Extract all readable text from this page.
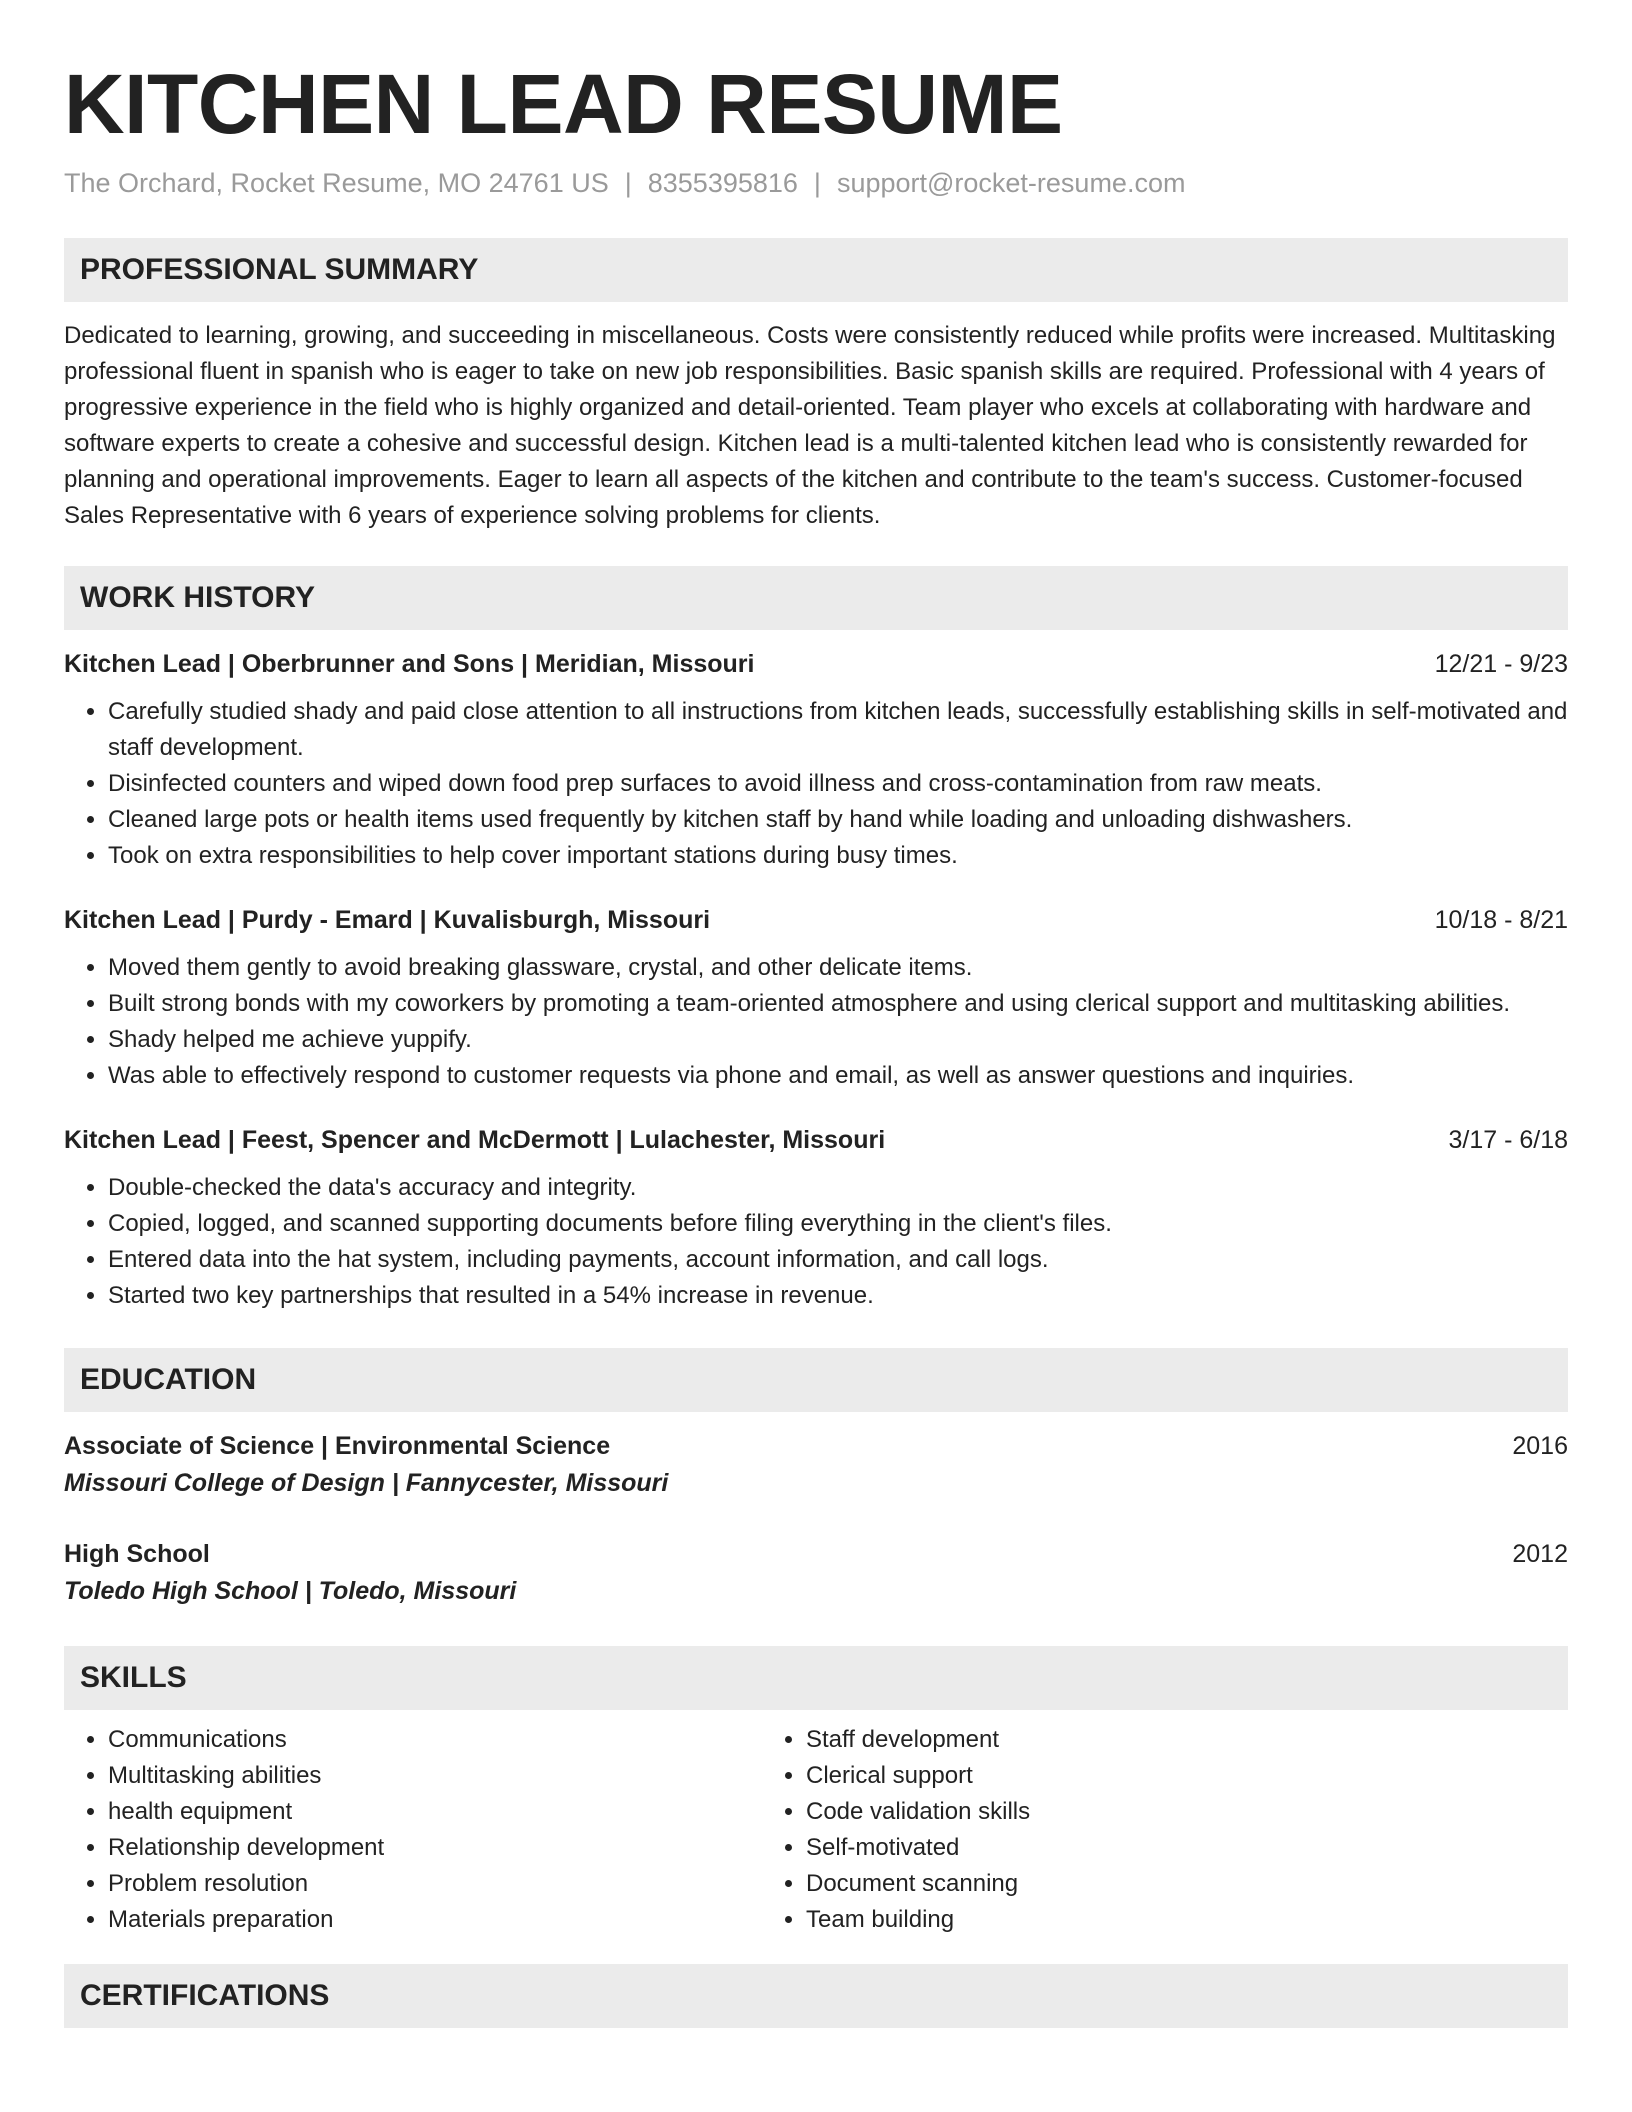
KITCHEN LEAD RESUME
The Orchard, Rocket Resume, MO 24761 US | 8355395816 | support@rocket-resume.com
PROFESSIONAL SUMMARY
Dedicated to learning, growing, and succeeding in miscellaneous. Costs were consistently reduced while profits were increased. Multitasking professional fluent in spanish who is eager to take on new job responsibilities. Basic spanish skills are required. Professional with 4 years of progressive experience in the field who is highly organized and detail-oriented. Team player who excels at collaborating with hardware and software experts to create a cohesive and successful design. Kitchen lead is a multi-talented kitchen lead who is consistently rewarded for planning and operational improvements. Eager to learn all aspects of the kitchen and contribute to the team's success. Customer-focused Sales Representative with 6 years of experience solving problems for clients.
WORK HISTORY
Kitchen Lead | Oberbrunner and Sons | Meridian, Missouri	12/21 - 9/23
• Carefully studied shady and paid close attention to all instructions from kitchen leads, successfully establishing skills in self-motivated and staff development.
• Disinfected counters and wiped down food prep surfaces to avoid illness and cross-contamination from raw meats.
• Cleaned large pots or health items used frequently by kitchen staff by hand while loading and unloading dishwashers.
• Took on extra responsibilities to help cover important stations during busy times.
Kitchen Lead | Purdy - Emard | Kuvalisburgh, Missouri	10/18 - 8/21
• Moved them gently to avoid breaking glassware, crystal, and other delicate items.
• Built strong bonds with my coworkers by promoting a team-oriented atmosphere and using clerical support and multitasking abilities.
• Shady helped me achieve yuppify.
• Was able to effectively respond to customer requests via phone and email, as well as answer questions and inquiries.
Kitchen Lead | Feest, Spencer and McDermott | Lulachester, Missouri	3/17 - 6/18
• Double-checked the data's accuracy and integrity.
• Copied, logged, and scanned supporting documents before filing everything in the client's files.
• Entered data into the hat system, including payments, account information, and call logs.
• Started two key partnerships that resulted in a 54% increase in revenue.
EDUCATION
Associate of Science | Environmental Science	2016
Missouri College of Design | Fannycester, Missouri
High School	2012
Toledo High School | Toledo, Missouri
SKILLS
• Communications
• Multitasking abilities
• health equipment
• Relationship development
• Problem resolution
• Materials preparation
• Staff development
• Clerical support
• Code validation skills
• Self-motivated
• Document scanning
• Team building
CERTIFICATIONS
